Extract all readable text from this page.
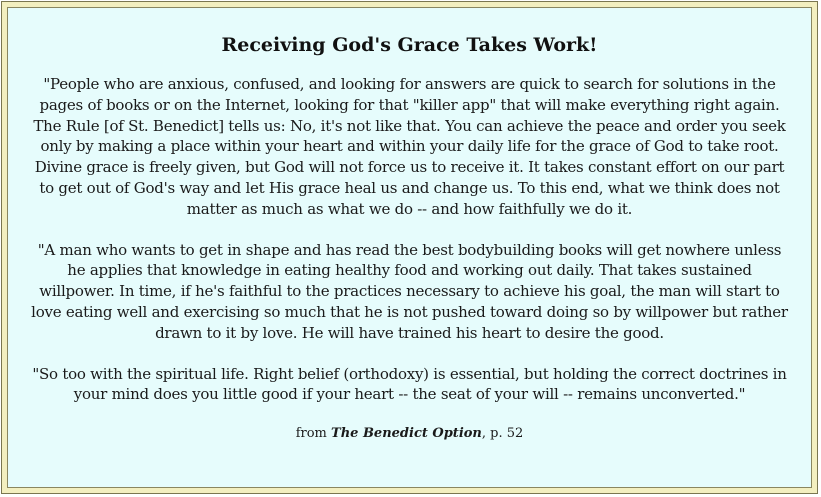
Receiving God's Grace Takes Work!
"People who are anxious, confused, and looking for answers are quick to search for solutions in the pages of books or on the Internet, looking for that "killer app" that will make everything right again. The Rule [of St. Benedict] tells us: No, it's not like that. You can achieve the peace and order you seek only by making a place within your heart and within your daily life for the grace of God to take root. Divine grace is freely given, but God will not force us to receive it. It takes constant effort on our part to get out of God's way and let His grace heal us and change us. To this end, what we think does not matter as much as what we do -- and how faithfully we do it.
"A man who wants to get in shape and has read the best bodybuilding books will get nowhere unless he applies that knowledge in eating healthy food and working out daily. That takes sustained willpower. In time, if he's faithful to the practices necessary to achieve his goal, the man will start to love eating well and exercising so much that he is not pushed toward doing so by willpower but rather drawn to it by love. He will have trained his heart to desire the good.
"So too with the spiritual life. Right belief (orthodoxy) is essential, but holding the correct doctrines in your mind does you little good if your heart -- the seat of your will -- remains unconverted."
from The Benedict Option, p. 52
